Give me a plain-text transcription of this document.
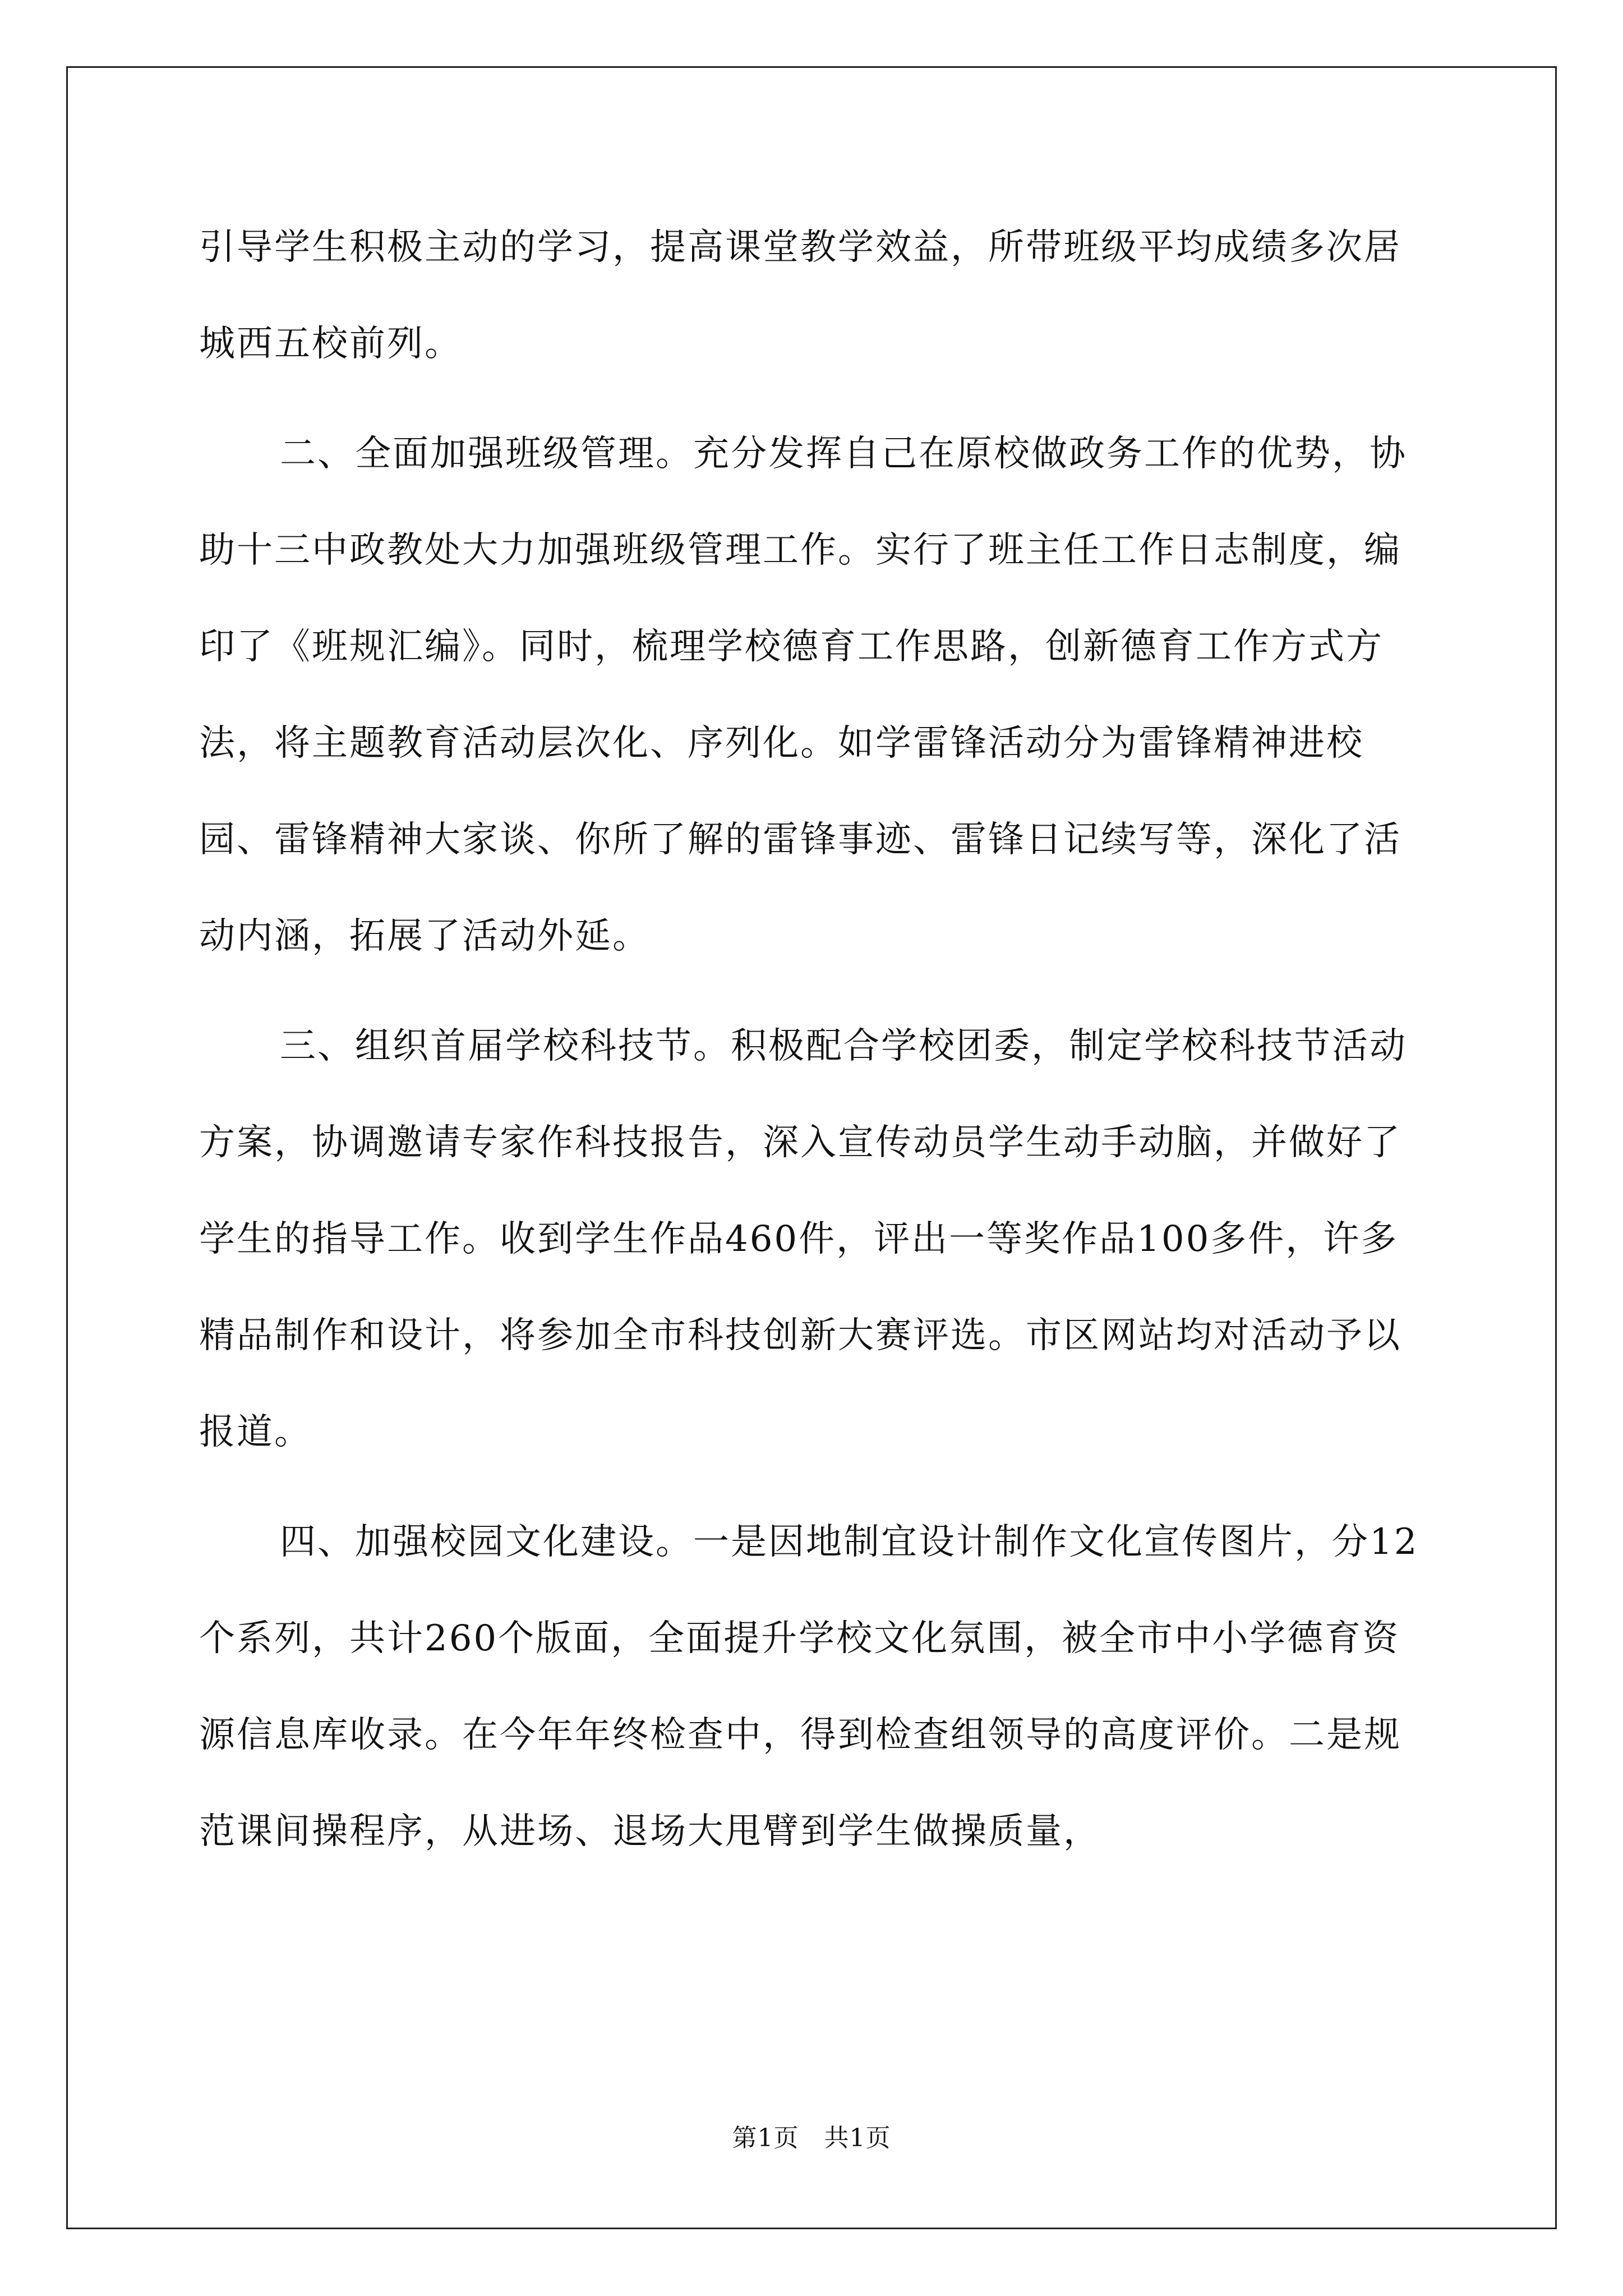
引导学生积极主动的学习，提高课堂教学效益，所带班级平均成绩多次居城西五校前列。

二、全面加强班级管理。充分发挥自己在原校做政务工作的优势，协助十三中政教处大力加强班级管理工作。实行了班主任工作日志制度，编印了《班规汇编》。同时，梳理学校德育工作思路，创新德育工作方式方法，将主题教育活动层次化、序列化。如学雷锋活动分为雷锋精神进校园、雷锋精神大家谈、你所了解的雷锋事迹、雷锋日记续写等，深化了活动内涵，拓展了活动外延。

三、组织首届学校科技节。积极配合学校团委，制定学校科技节活动方案，协调邀请专家作科技报告，深入宣传动员学生动手动脑，并做好了学生的指导工作。收到学生作品460件，评出一等奖作品100多件，许多精品制作和设计，将参加全市科技创新大赛评选。市区网站均对活动予以报道。

四、加强校园文化建设。一是因地制宜设计制作文化宣传图片，分12个系列，共计260个版面，全面提升学校文化氛围，被全市中小学德育资源信息库收录。在今年年终检查中，得到检查组领导的高度评价。二是规范课间操程序，从进场、退场大甩臂到学生做操质量，

第1页　共1页
